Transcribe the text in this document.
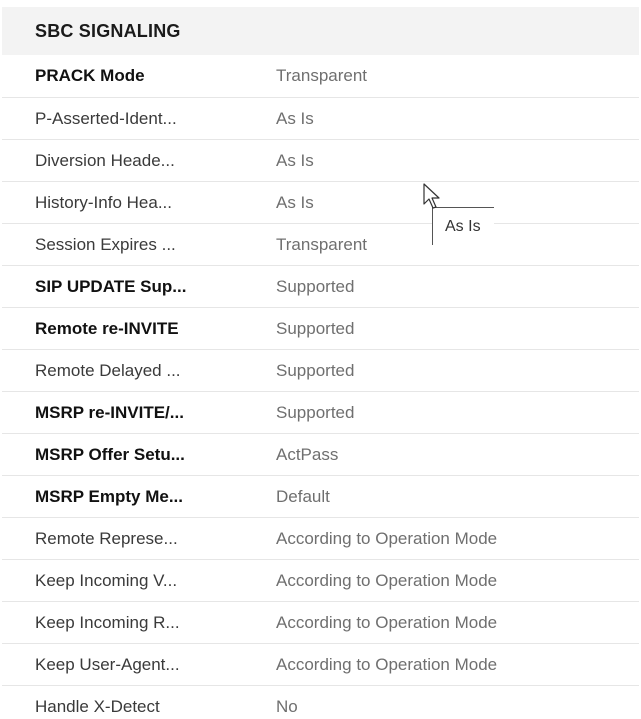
SBC SIGNALING
PRACK Mode	Transparent
P-Asserted-Ident...	As Is
Diversion Heade...	As Is
History-Info Hea...	As Is
Session Expires ...	Transparent
SIP UPDATE Sup...	Supported
Remote re-INVITE	Supported
Remote Delayed ...	Supported
MSRP re-INVITE/...	Supported
MSRP Offer Setu...	ActPass
MSRP Empty Me...	Default
Remote Represe...	According to Operation Mode
Keep Incoming V...	According to Operation Mode
Keep Incoming R...	According to Operation Mode
Keep User-Agent...	According to Operation Mode
Handle X-Detect	No
As Is
